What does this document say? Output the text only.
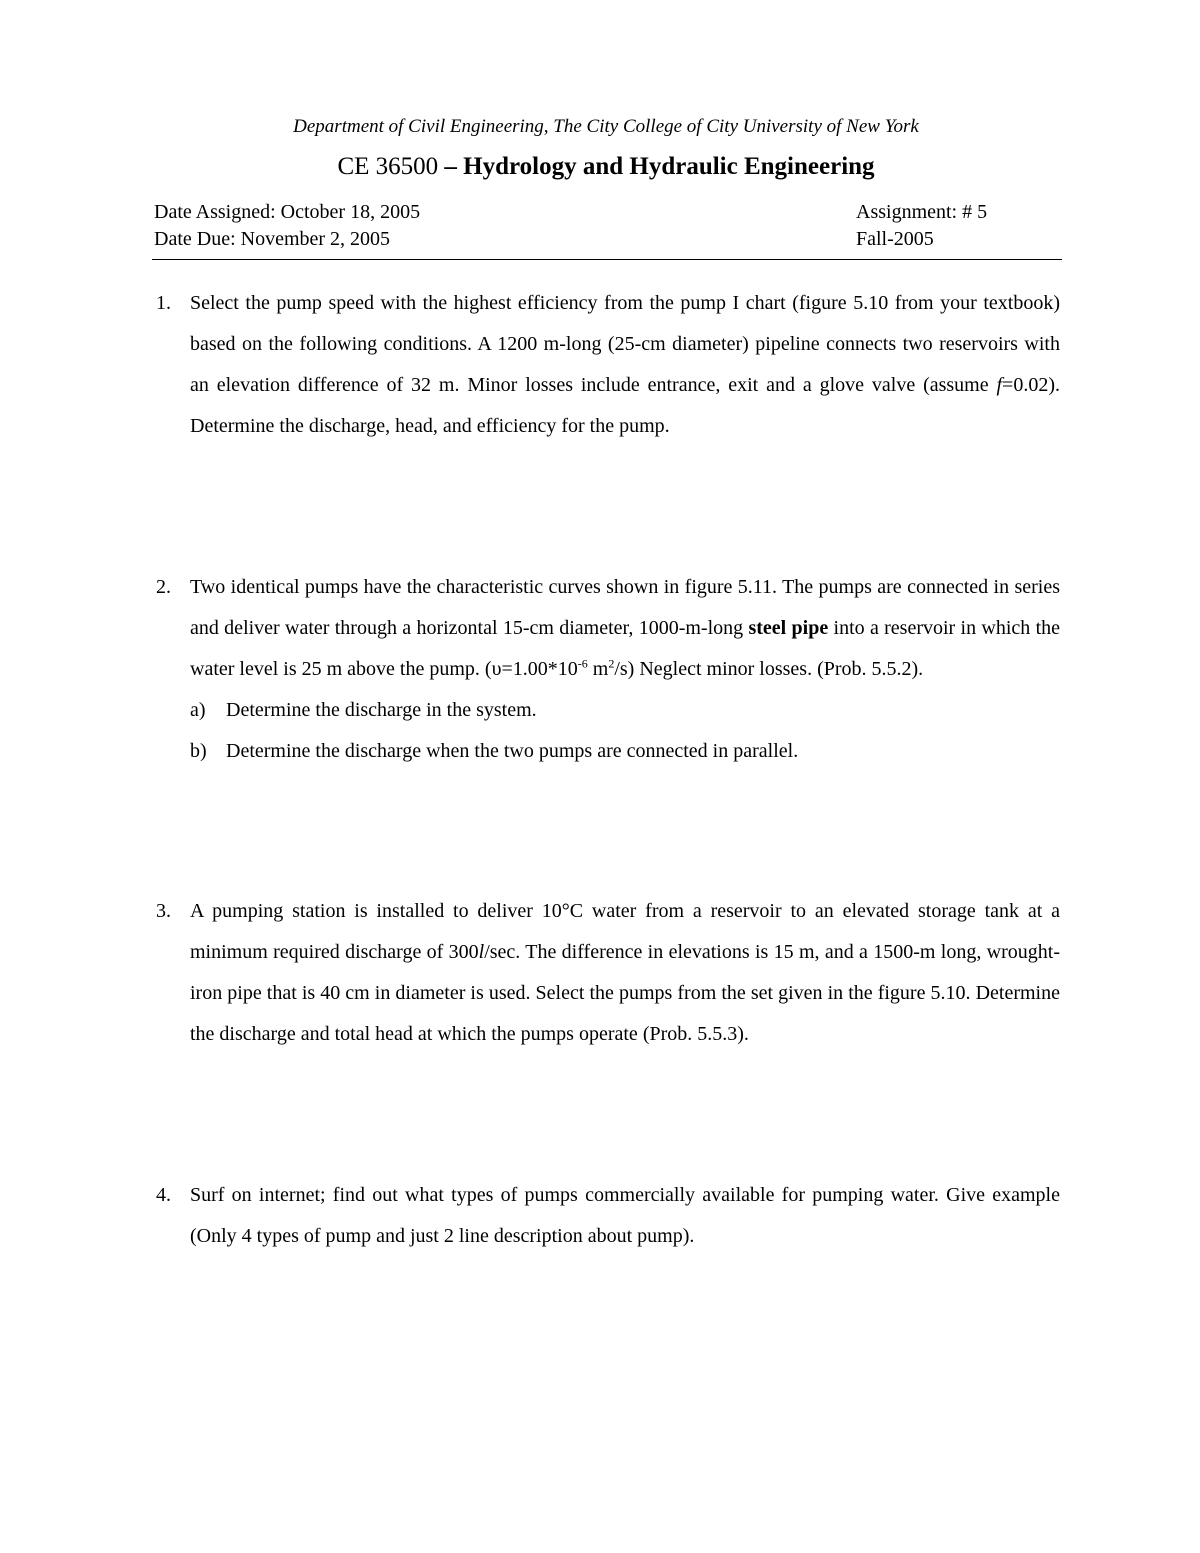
Department of Civil Engineering, The City College of City University of New York
CE 36500 – Hydrology and Hydraulic Engineering
Date Assigned: October 18, 2005	Assignment: # 5
Date Due: November 2, 2005	Fall-2005
1. Select the pump speed with the highest efficiency from the pump I chart (figure 5.10 from your textbook) based on the following conditions. A 1200 m-long (25-cm diameter) pipeline connects two reservoirs with an elevation difference of 32 m. Minor losses include entrance, exit and a glove valve (assume f=0.02). Determine the discharge, head, and efficiency for the pump.
2. Two identical pumps have the characteristic curves shown in figure 5.11. The pumps are connected in series and deliver water through a horizontal 15-cm diameter, 1000-m-long steel pipe into a reservoir in which the water level is 25 m above the pump. ($\upsilon=1.00*10^{-6}$ $m^2/s$) Neglect minor losses. (Prob. 5.5.2).
a)	Determine the discharge in the system.
b) Determine the discharge when the two pumps are connected in parallel.
3. A pumping station is installed to deliver 10°C water from a reservoir to an elevated storage tank at a minimum required discharge of 300l/sec. The difference in elevations is 15 m, and a 1500-m long, wrought-iron pipe that is 40 cm in diameter is used. Select the pumps from the set given in the figure 5.10. Determine the discharge and total head at which the pumps operate (Prob. 5.5.3).
4. Surf on internet; find out what types of pumps commercially available for pumping water. Give example (Only 4 types of pump and just 2 line description about pump).
